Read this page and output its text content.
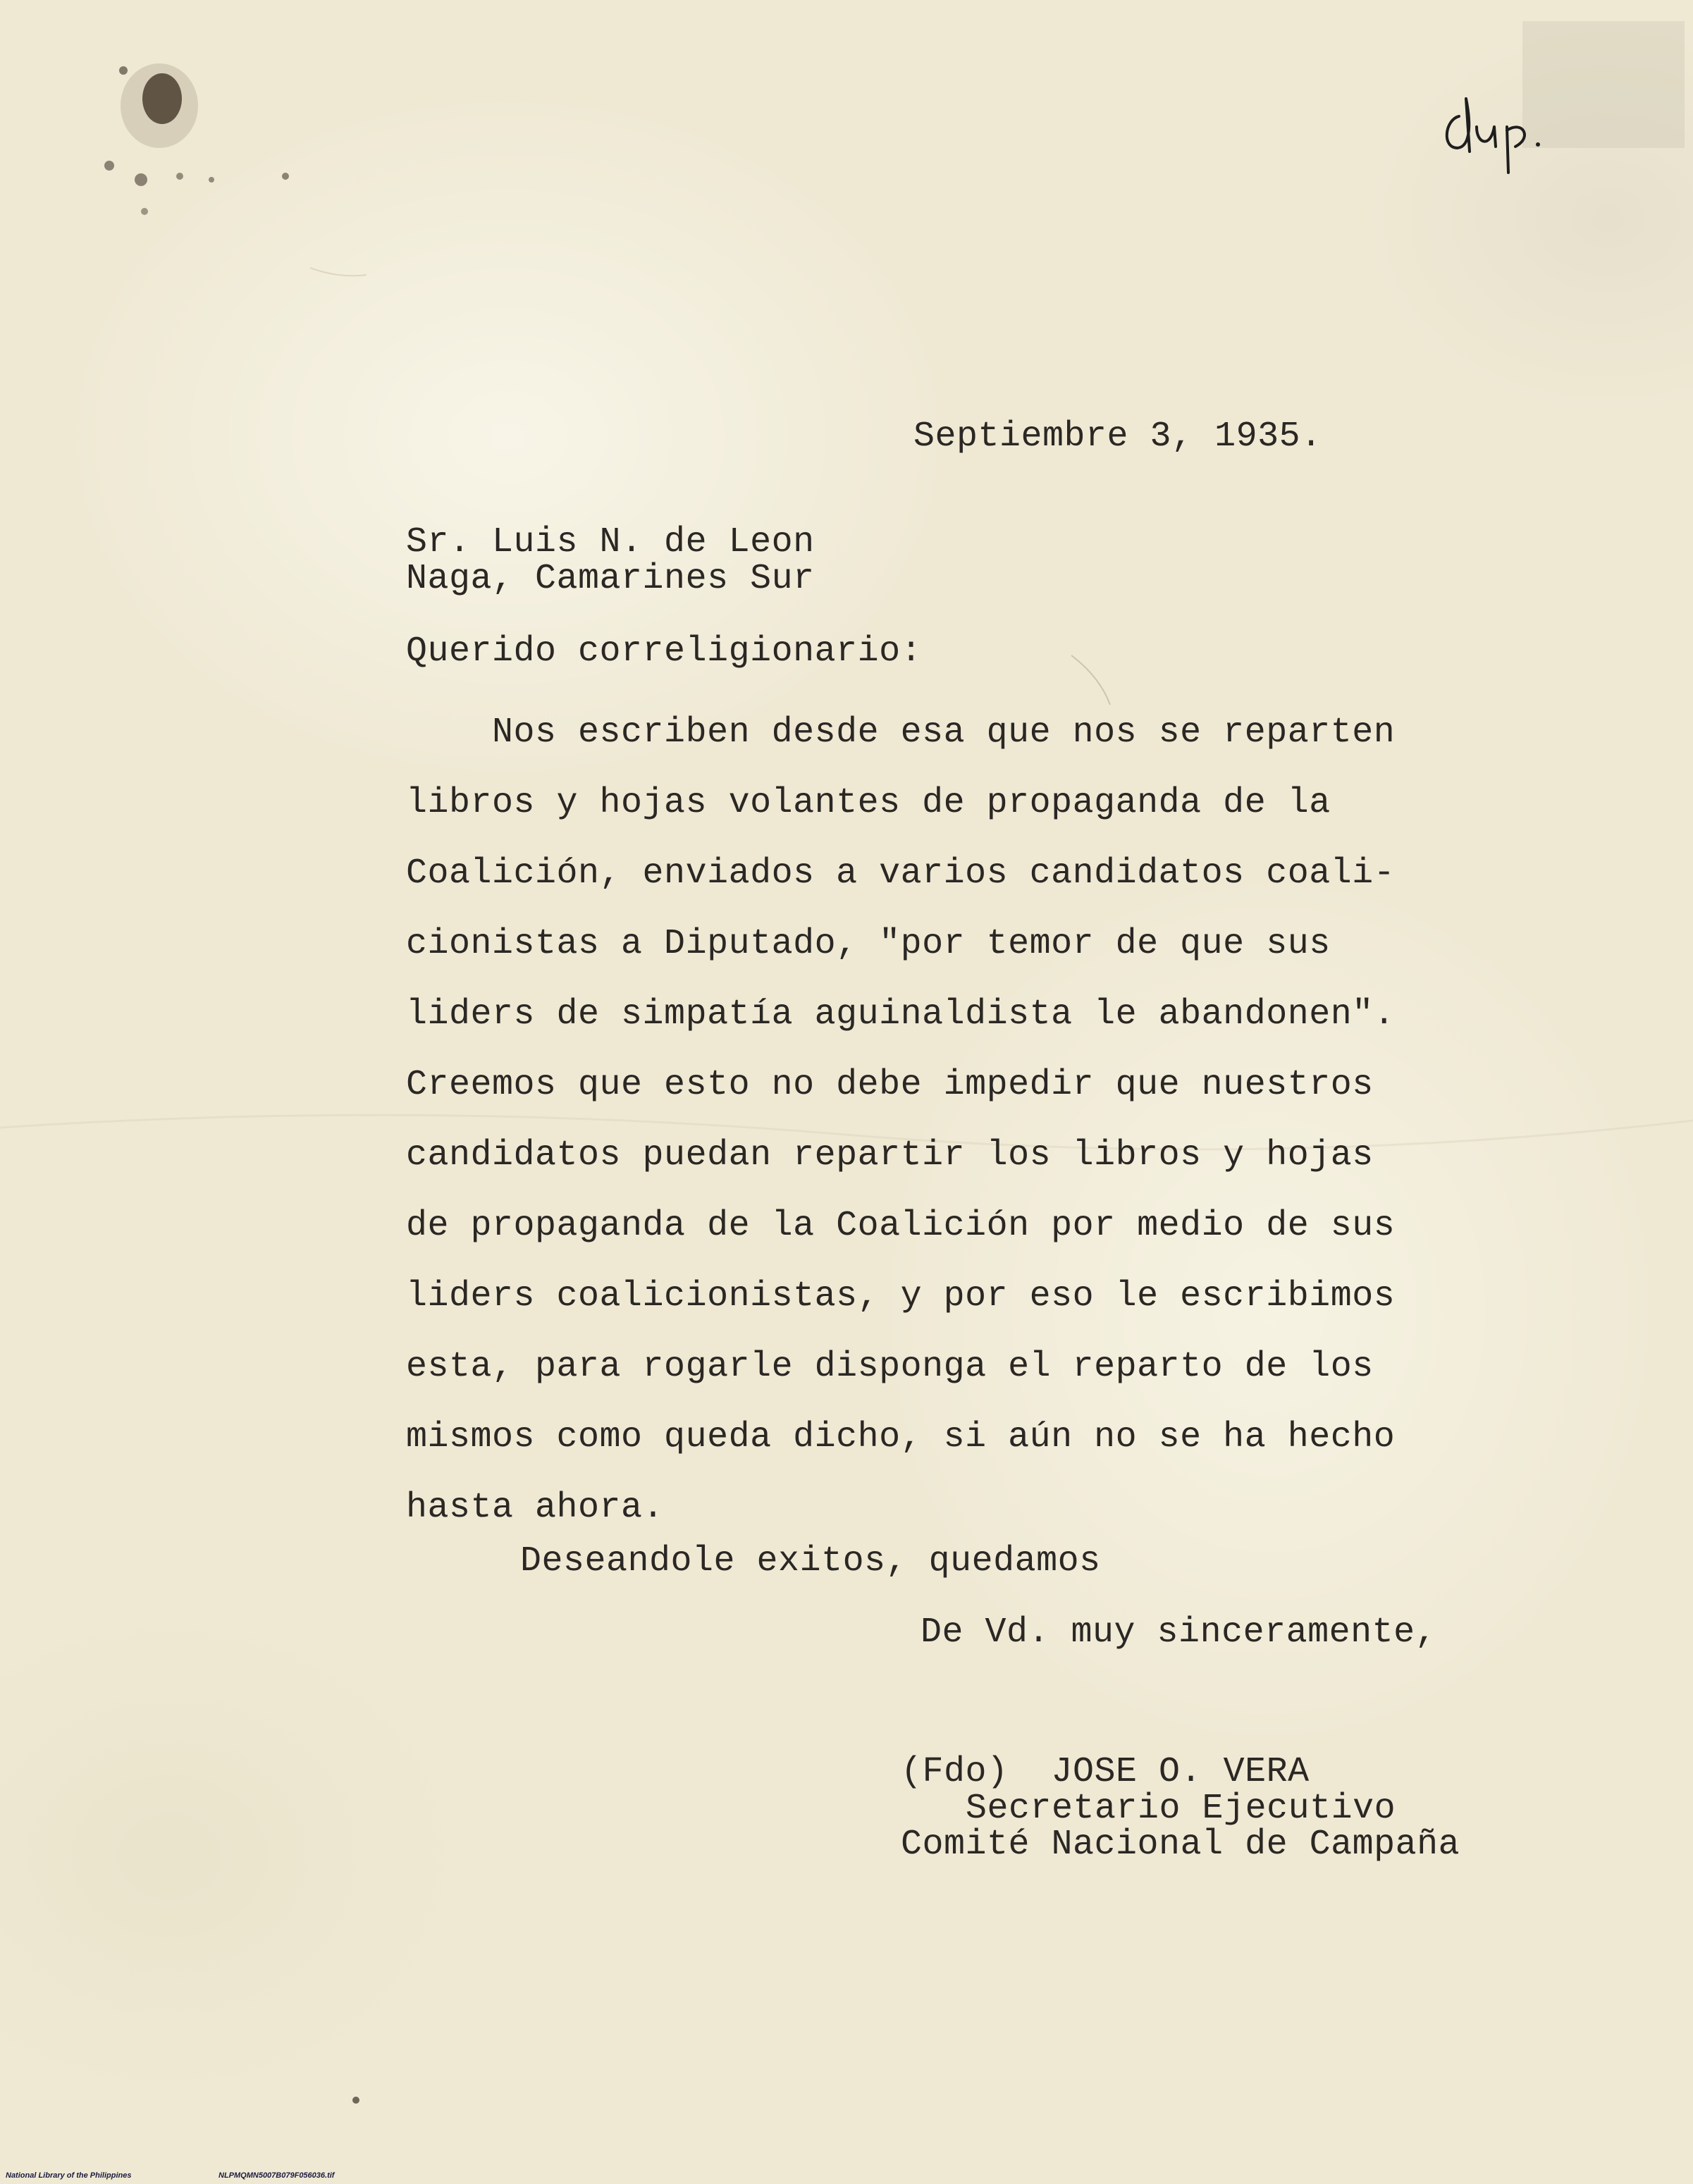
Septiembre 3, 1935.

Sr. Luis N. de Leon

Naga, Camarines Sur

Querido correligionario:

Nos escriben desde esa que nos se reparten
libros y hojas volantes de propaganda de la
Coalición, enviados a varios candidatos coali-
cionistas a Diputado, "por temor de que sus
liders de simpatía aguinaldista le abandonen".
Creemos que esto no debe impedir que nuestros
candidatos puedan repartir los libros y hojas
de propaganda de la Coalición por medio de sus
liders coalicionistas, y por eso le escribimos
esta, para rogarle disponga el reparto de los
mismos como queda dicho, si aún no se ha hecho
hasta ahora.

Deseandole exitos, quedamos

De Vd. muy sinceramente,

(Fdo)  JOSE O. VERA

Secretario Ejecutivo

Comité Nacional de Campaña

National Library of the Philippines	NLPMQMN5007B079F056036.tif
